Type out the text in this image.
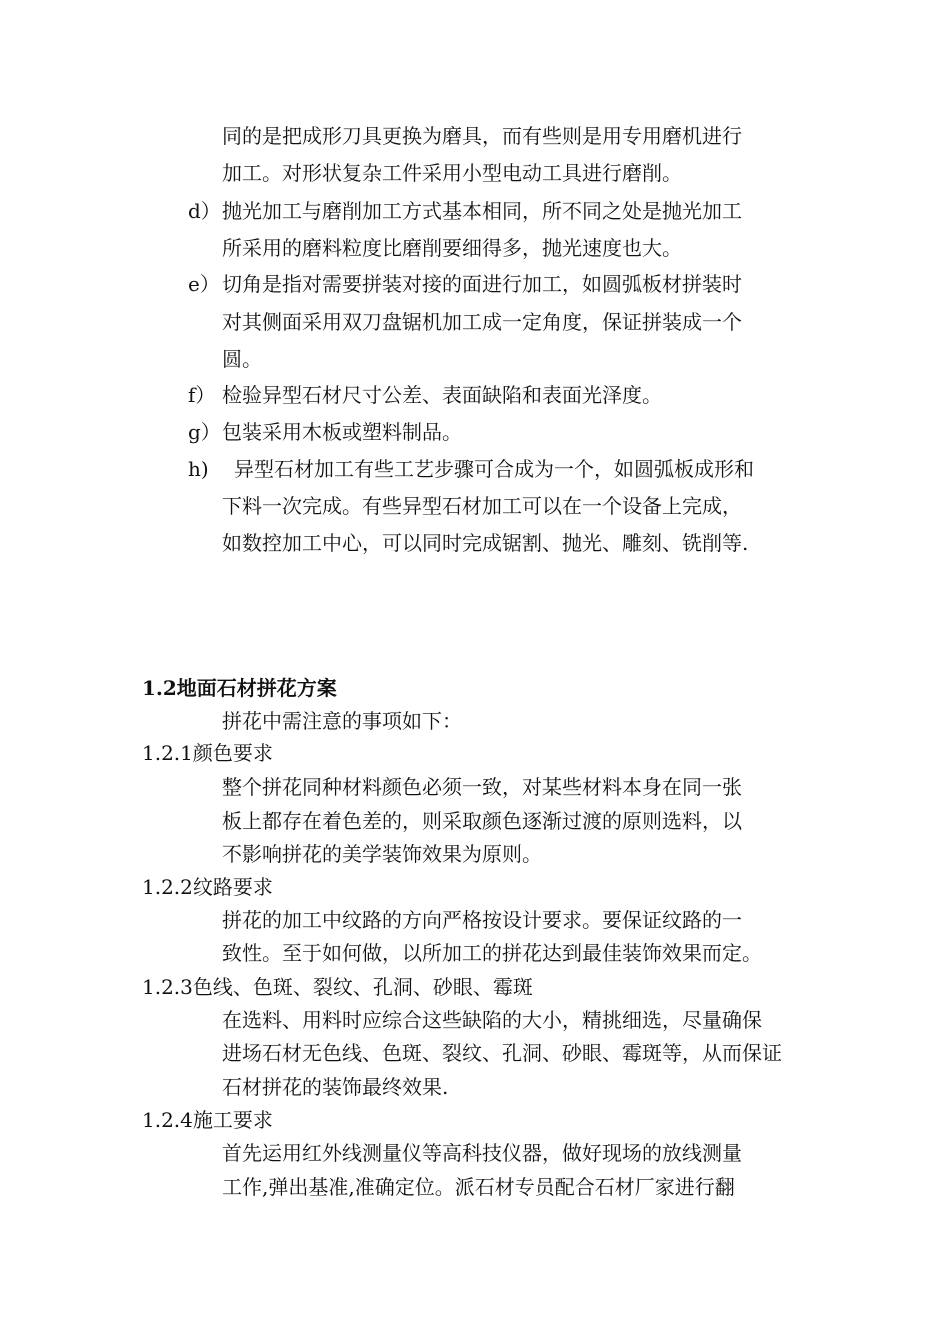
同的是把成形刀具更换为磨具，而有些则是用专用磨机进行
加工。对形状复杂工件采用小型电动工具进行磨削。
d） 抛光加工与磨削加工方式基本相同，所不同之处是抛光加工
所采用的磨料粒度比磨削要细得多，抛光速度也大。
e） 切角是指对需要拼装对接的面进行加工，如圆弧板材拼装时
对其侧面采用双刀盘锯机加工成一定角度，保证拼装成一个
圆。
f） 检验异型石材尺寸公差、表面缺陷和表面光泽度。
g） 包装采用木板或塑料制品。
h) 异型石材加工有些工艺步骤可合成为一个，如圆弧板成形和
下料一次完成。有些异型石材加工可以在一个设备上完成，
如数控加工中心，可以同时完成锯割、抛光、雕刻、铣削等.
1.2地面石材拼花方案
拼花中需注意的事项如下：
1.2.1颜色要求
整个拼花同种材料颜色必须一致，对某些材料本身在同一张
板上都存在着色差的，则采取颜色逐渐过渡的原则选料，以
不影响拼花的美学装饰效果为原则。
1.2.2纹路要求
拼花的加工中纹路的方向严格按设计要求。要保证纹路的一
致性。至于如何做，以所加工的拼花达到最佳装饰效果而定。
1.2.3色线、色斑、裂纹、孔洞、砂眼、霉斑
在选料、用料时应综合这些缺陷的大小，精挑细选，尽量确保
进场石材无色线、色斑、裂纹、孔洞、砂眼、霉斑等，从而保证
石材拼花的装饰最终效果.
1.2.4施工要求
首先运用红外线测量仪等高科技仪器，做好现场的放线测量
工作,弹出基准,准确定位。派石材专员配合石材厂家进行翻
